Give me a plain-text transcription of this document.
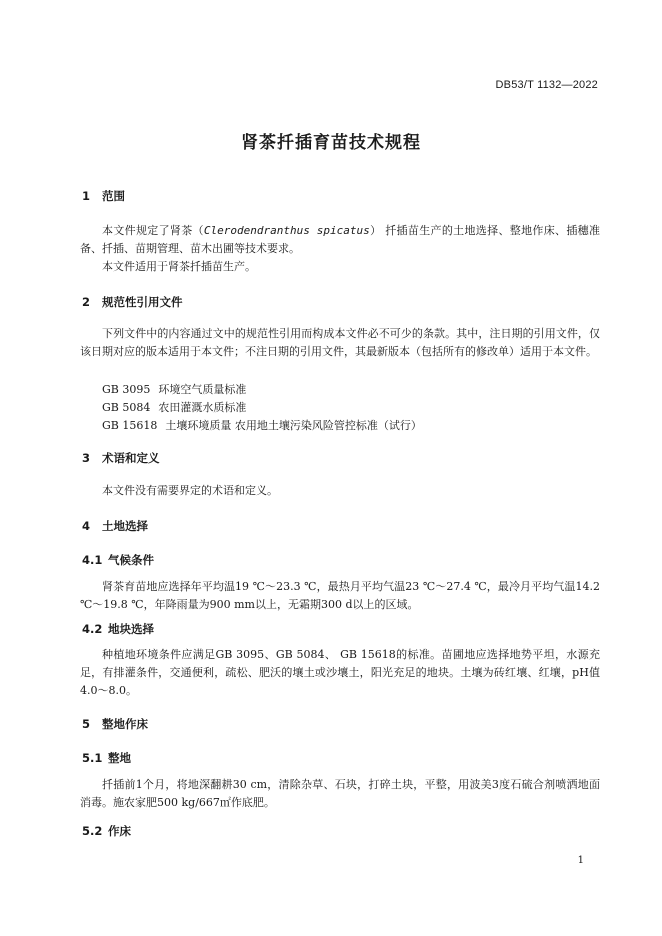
DB53/T 1132—2022
肾茶扦插育苗技术规程
1 范围
本文件规定了肾茶（Clerodendranthus spicatus） 扦插苗生产的土地选择、整地作床、插穗准备、扦插、苗期管理、苗木出圃等技术要求。
本文件适用于肾茶扦插苗生产。
2 规范性引用文件
下列文件中的内容通过文中的规范性引用而构成本文件必不可少的条款。其中，注日期的引用文件，仅该日期对应的版本适用于本文件；不注日期的引用文件，其最新版本（包括所有的修改单）适用于本文件。
GB 3095 环境空气质量标准
GB 5084 农田灌溉水质标准
GB 15618 土壤环境质量 农用地土壤污染风险管控标准（试行）
3 术语和定义
本文件没有需要界定的术语和定义。
4 土地选择
4.1 气候条件
肾茶育苗地应选择年平均温19 ℃～23.3 ℃，最热月平均气温23 ℃～27.4 ℃，最冷月平均气温14.2 ℃～19.8 ℃，年降雨量为900 mm以上，无霜期300 d以上的区域。
4.2 地块选择
种植地环境条件应满足GB 3095、GB 5084、 GB 15618的标准。苗圃地应选择地势平坦，水源充足，有排灌条件，交通便利，疏松、肥沃的壤土或沙壤土，阳光充足的地块。土壤为砖红壤、红壤，pH值4.0～8.0。
5 整地作床
5.1 整地
扦插前1个月，将地深翻耕30 cm，清除杂草、石块，打碎土块，平整，用波美3度石硫合剂喷洒地面消毒。施农家肥500 kg/667㎡作底肥。
5.2 作床
1
